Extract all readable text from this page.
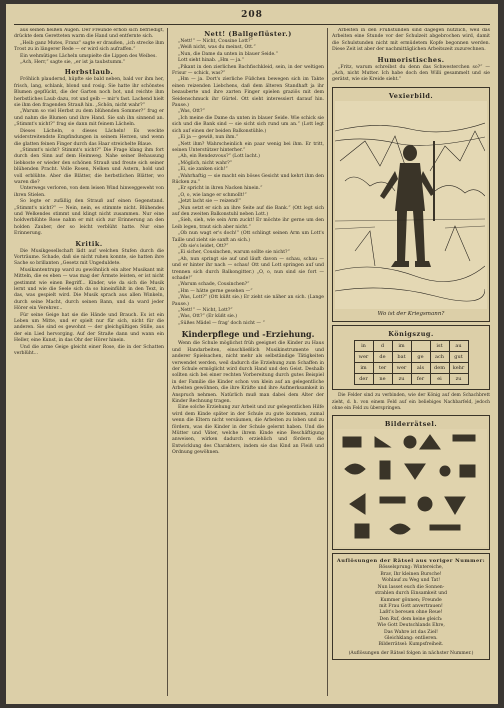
208

aus seinen heißen Augen. Der Freunde erhob sich befriedigt, drückte dem Geretteten warm die Hand und entfernte sich.

„Heib ganz Mutes, Franz“ sagte er draußen, „ich strecke ihm Trost zu in längerer Rede — er wird sich aufraffen.“

Ein wehmütiges Lächeln umspielte die Lippen des Weibes.

„Ach, Herr,“ sagte sie, „er ist ja taubstumm.“

Herbstlaub.

Fröhlich plaudernd, hüpfte sie bald neben, bald vor ihm her, frisch, lang, schlank, blond und rosig. Sie hatte ihr schönstes Blumen gepflückt, die der Garten noch bot, und reichte ihm herbstliches Laub dazu, rot und gelb — mir's fast. Lachend hielt sie ihm den fragenden Strauß hin. „Schön, nicht wahr?“

„Warum so viel Herbst zu dem blühenden Sommer?“ frug er und nahm die Blumen und ihre Hand. Sie sah ihn sinnend an. „Stimmt's nicht?“ frug sie dann mit feinem Lächeln.

Dieses Lächeln, o dieses Lächeln! Es weckte widerstreitendste Empfindungen in seinem Herzen, und wenn die glatten feinen Finger durch das Haar streichelte Blaue.

„Stimmt's nicht? Stimmt's nicht?“ Die Frage klang ihm fort durch den Sinn auf dem Heimweg. Nahe seiner Behausung liebkoste er wieder den schönen Strauß und freute sich seiner blühenden Pracht. Volle Rosen, Nelken und Astern, hold und voll erblühte. Aber die Blätter, die herbstlichen Blätter, wo waren die?

Unterwegs verloren, von dem leisen Wind hinweggeweht von ihren Stielen.

So legte er zufällig den Strauß auf einen Gegenstand. „Stimmt's nicht?“ — Nein, nein, es stimmte nicht. Blühendes und Welkendes stimmt und klingt nicht zusammen. Nur eine holdverblühte Rose nahm er mit sich zur Erinnerung an den holden Zauber, der so leicht verblüht hatte. Nur eine Erinnerung.

Kritik.

Die Musikgesellschaft lädt auf welchen Stufen durch die Vorträume. Schade, daß sie nicht ruhen konnte, sie hatten ihre Sache so brillanten „Gesetz mit Ungeduldete.

Musikantentrupp ward zu gewöhnlich ein alter Musikant mit Mitteln, die es eben — was mag der Ärmste leisten, er ist nicht gestimmt wie einen Begriff... Kinder, wie da sich die Musik lernt und wie die Seele sich da so hineinfühlt in den Text, in das, was gespielt wird. Die Musik sprach aus allen Winkeln, durch seine Macht, durch seinen Bann, und da ward jeder Hörer ein Verehrer...

Für seine Geige hat sie die Hände und Brauch. Es ist ein Leben um Mitte, und er spielt nur für sich, nicht für die anderen. Sie sind es gewohnt — der gleichgültigen Stille, aus der ein Lied hervorging. Auf der Straße dann und wann ein Heller, eine Kunst, in das Ohr der Hörer hinein.

Und die arme Geige gleicht einer Rose, die in der Schatten verblüht...

Nett! (Ballgeflüster.)

„Nett!“ — Nicht, Cousine Lott?“

„Weiß nicht, was du meinst, Ott.“

„Nun, die Dame da unten in blauer Seide.“

Lott sieht hinab. „Hm — ja.“

„Pikant in den zierlichen Bachfischkleid, sein, in der weltigen Frisur — schick, was?“

„Hm — ja. Dort's zierliche Füßchen bewegen sich im Takte einen reizenden Liebchens, daß dem älteren Standhaft ja ihr bezauberte und ihre zarten Finger spielen graziös mit dem Seidenschmuck ihr Gürtel. Ott sieht interessiert darauf hin. Pause.)

„Was, Ott?“

„Ich meine die Dame da unten in blauer Seide. Wie schick sie sich und die Bank sind — sie sicht sich rund um an.“ (Lott legt sich auf einen der beiden Balkonstühle.)

„Ei ja — gewiß, nun ihm.“

„Nett ihm? Wahrscheinlich ein paar wenig bei ihm. Er tritt, seinen Unterstützer hinterher.“

„Ah, ein Rendezvous?“ (Lott lacht.)

„Möglich, nicht wahr?“

„Ei, sie zanken sich!“

„Wahrhaftig — sie macht ein böses Gesicht und kehrt ihm den Rücken zu.“

„Er spricht in ihren Nacken hinein.“

„O, o, wie lange er schmollt!“

„Jetzt lacht sie — reizend!“

„Nun setzt er sich an ihre Seite auf die Bank.“ (Ott legt sich auf den zweiten Balkonstuhl neben Lott.)

„Sieh, sieh, wie sein Arm zuckt! Er möchte ihr gerne um den Leib legen, traut sich aber nicht.“

„Ob nun wagt er's doch!“ (Ott schlingt seinen Arm um Lott's Taille und zieht sie sanft an sich.)

„Ob sie's leidet, Ott?“

„Ei sicher, Cousinchen, warum sollte sie nicht?“

„Ah, nun springt sie auf und läuft davon — schau, schau — und er hinter ihr nach — schau! Ott und Lott springen auf und trennen sich durch Balkongitter.) „O, o, nun sind sie fort — schade!“

„Warum schade, Cousinchen?“

„Hm — hätte gerne gesehen —“

„Was, Lott?“ (Ott küßt sie.) Er zieht sie näher an sich. (Lange Pause.)

„Nett!“ — Nicht, Lott?“

„Was, Ott?“ (Er küßt sie.)

„Süßes Mädel — frag' doch nicht — “

Kinderpflege und -Erziehung.

Wenn die Schule möglichst früh geeignet die Kinder zu Haus und Handarbeiten, einschließlich Musikinstrumente und anderer Spielsachen, nicht mehr als selbständige Tätigkeiten verwendet werden, weil dadurch die Erziehung zum Schaffen in der Schule ermöglicht wird durch Hand und den Geist. Deshalb sollten sich bei einer rechten Vorbereitung durch gutes Beispiel in der Familie die Kinder schon von klein auf an gelegentliche Arbeiten gewöhnen, die ihre Kräfte und ihre Aufmerksamkeit in Anspruch nehmen. Natürlich muß man dabei dem Alter der Kinder Rechnung tragen.

Eine solche Erziehung zur Arbeit und zur gelegentlichen Hilfe wird dem Kinde später in der Schule zu gute kommen, zumal wenn die Eltern nicht versäumen, die Arbeiten zu loben und zu fördern, was die Kinder in der Schule gelernt haben. Und die Mütter und Väter, welche ihrem Kinde eine Beschäftigung anweisen, wirken dadurch erziehlich und fördern die Entwicklung des Charakters, indem sie das Kind an Fleiß und Ordnung gewöhnen.

Arbeiten in den Frühstunden sind dagegen nützlich, weil das Arbeiten eine Stunde vor der Schulzeit abgebrochen wird, damit die Schulstunden nicht mit ermüdetem Kopfe begonnen werden. Diese Zeit ist aber der nachmittäglichen Arbeitszeit zuzurechnen.

Humoristisches.

„Fritz, warum schreibst du denn das Schwesterchen so?“ — „Ach, nicht Mutter. Ich habe doch den Willi gesammelt und sie gerätst, wie sie Kreide sieht.“

Vexierbild.
Wo ist der Kriegsmann?
Königszug.
in	d	im		ist	au
wer	de	bat	ge	ach	gut
im	ter	wer	als	dem	kehr
der	ne	zu	fer	ei	zu

Die Felder sind zu verbinden, wie der König auf dem Schachbrett zieht, d. h. von einem Feld auf ein beliebiges Nachbarfeld, jedoch ohne ein Feld zu überspringen.

Bilderrätsel.
Auflösungen der Rätsel aus voriger Nummer:
Rösselsprung: Wintereiche,
Brav, Ihr kleinen Bursche!
Wohlauf zu Weg und Tat!
Nun lasset euch die Sonnen-
strahlen durch Einsamkeit und
Kummer gönnen; Freunde
mit Frau Gott anvertrauen!
Laßt's bereuen ohne Reue!
Den Ruf, dem keine gleich:
Wie Gott Deutschlands Ehre,
Das Wahre ist das Ziel!
Gleichklang: entlieren.
Bilderrätsel: Kumpsfreiheit.

(Auflösungen der Rätsel folgen in nächster Nummer.)
